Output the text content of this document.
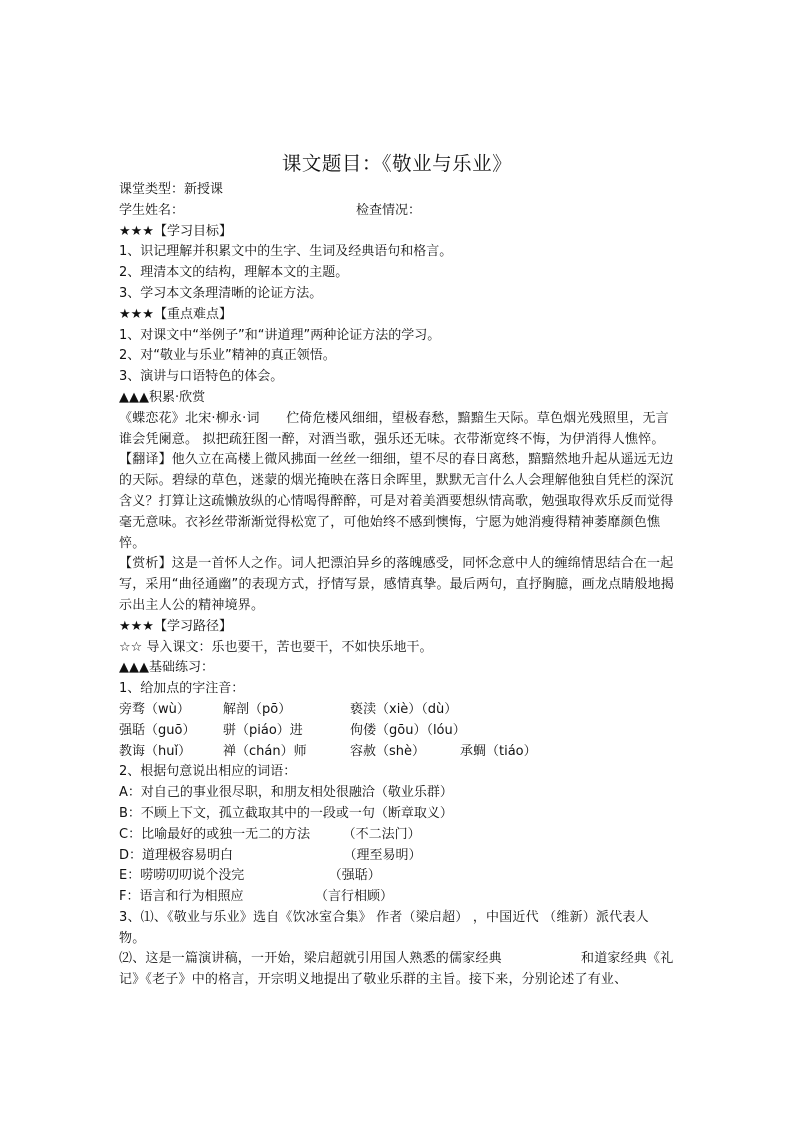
课文题目：《敬业与乐业》
课堂类型：新授课
学生姓名：	检查情况：
★★★【学习目标】
1、识记理解并积累文中的生字、生词及经典语句和格言。
2、理清本文的结构，理解本文的主题。
3、学习本文条理清晰的论证方法。
★★★【重点难点】
1、对课文中“举例子”和“讲道理”两种论证方法的学习。
2、对“敬业与乐业”精神的真正领悟。
3、演讲与口语特色的体会。
▲▲▲积累·欣赏
《蝶恋花》北宋·柳永·词　　伫倚危楼风细细，望极春愁，黯黯生天际。草色烟光残照里，无言谁会凭阑意。 拟把疏狂图一醉，对酒当歌，强乐还无味。衣带渐宽终不悔，为伊消得人憔悴。
【翻译】他久立在高楼上微风拂面一丝丝一细细，望不尽的春日离愁，黯黯然地升起从遥远无边的天际。碧绿的草色，迷蒙的烟光掩映在落日余晖里，默默无言什么人会理解他独自凭栏的深沉含义？打算让这疏懒放纵的心情喝得醉醉，可是对着美酒要想纵情高歌，勉强取得欢乐反而觉得毫无意味。衣衫丝带渐渐觉得松宽了，可他始终不感到懊悔，宁愿为她消瘦得精神萎靡颜色憔悴。
【赏析】这是一首怀人之作。词人把漂泊异乡的落魄感受，同怀念意中人的缠绵情思结合在一起写，采用“曲径通幽”的表现方式，抒情写景，感情真挚。最后两句，直抒胸臆，画龙点睛般地揭示出主人公的精神境界。
★★★【学习路径】
☆☆ 导入课文：乐也要干，苦也要干，不如快乐地干。
▲▲▲基础练习：
1、给加点的字注音：
旁骛（wù）	解剖（pō）	亵渎（xiè）（dù）
强聒（guō）	骈（piáo）进	佝偻（gōu）（lóu）
教诲（huǐ）	禅（chán）师	容赦（shè）	承蜩（tiáo）
2、根据句意说出相应的词语：
A：对自己的事业很尽职，和朋友相处很融洽（敬业乐群）
B：不顾上下文，孤立截取其中的一段或一句（断章取义）
C：比喻最好的或独一无二的方法　　　（不二法门）
D：道理极容易明白　　　　　　　　　（理至易明）
E：唠唠叨叨说个没完　　　　　　　（强聒）
F：语言和行为相照应　　　　　　（言行相顾）
3、⑴、《敬业与乐业》选自《饮冰室合集》 作者（梁启超） ，中国近代 （维新）派代表人物。
⑵、这是一篇演讲稿，一开始，梁启超就引用国人熟悉的儒家经典　　　　　　和道家经典《礼记》《老子》中的格言，开宗明义地提出了敬业乐群的主旨。接下来，分别论述了有业、
